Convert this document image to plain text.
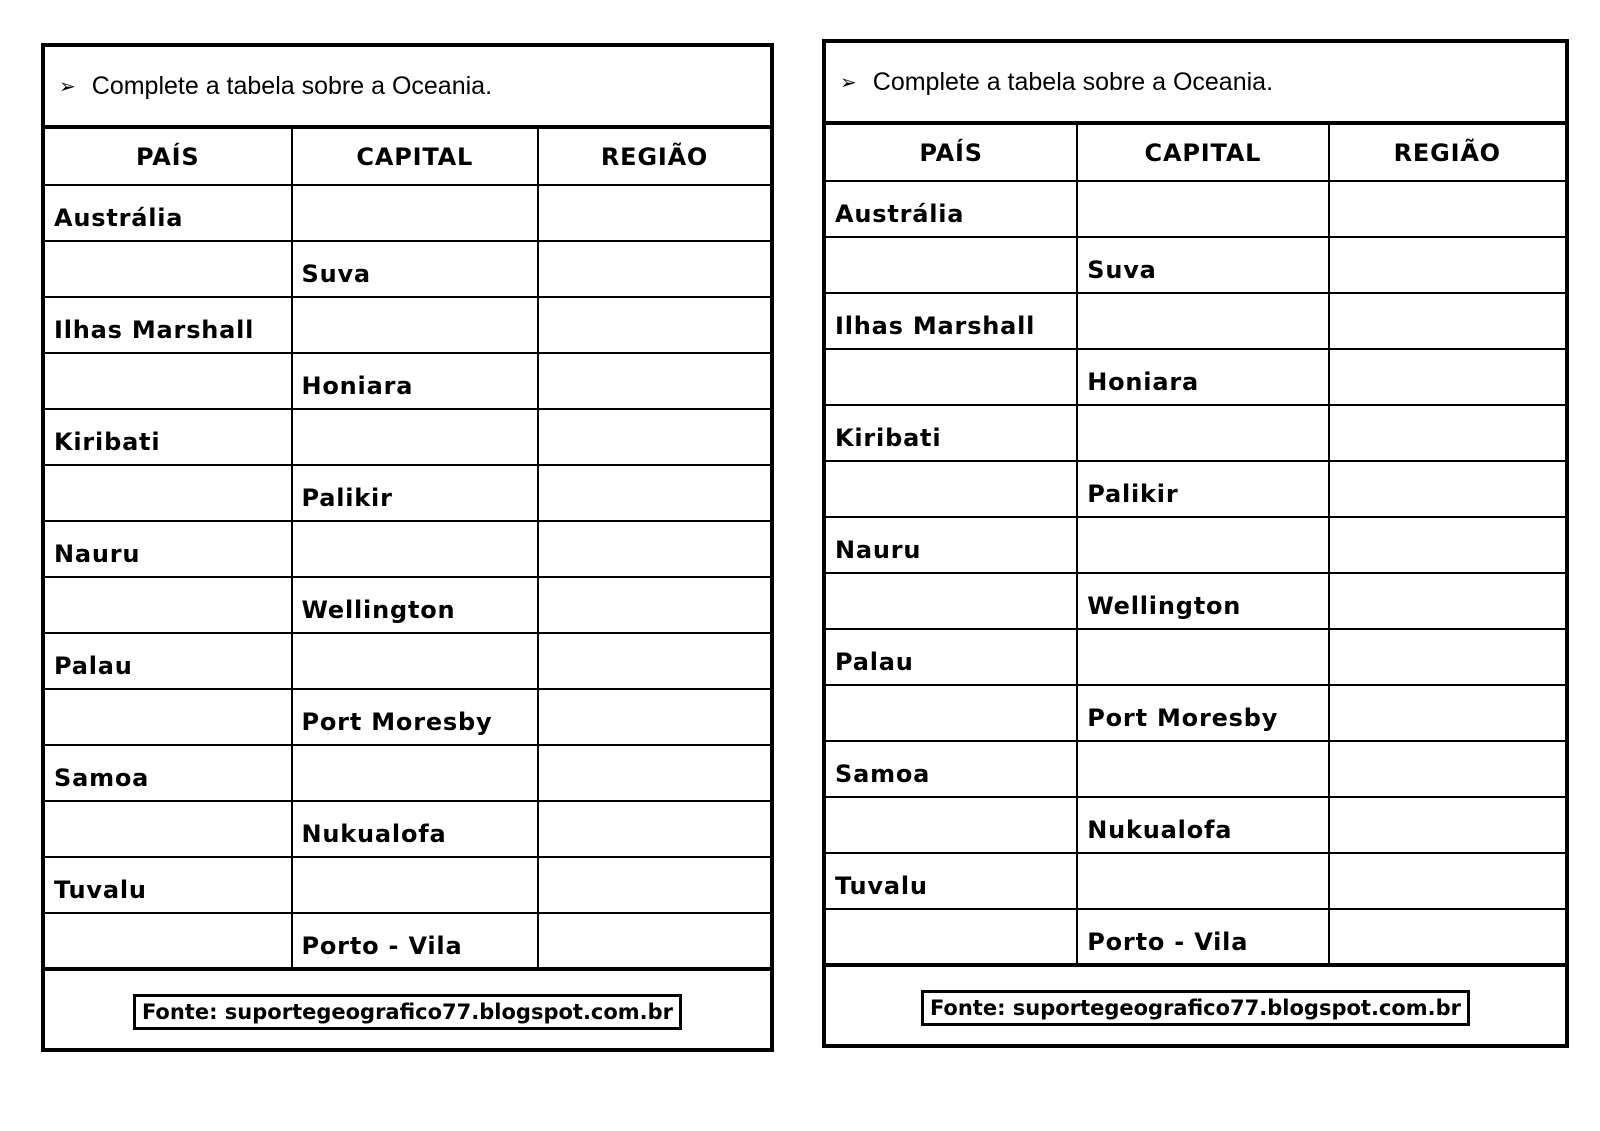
➢ Complete a tabela sobre a Oceania.
PAÍS	CAPITAL	REGIÃO
Austrália		
	Suva	
Ilhas Marshall		
	Honiara	
Kiribati		
	Palikir	
Nauru		
	Wellington	
Palau		
	Port Moresby	
Samoa		
	Nukualofa	
Tuvalu		
	Porto - Vila	
Fonte: suportegeografico77.blogspot.com.br
➢ Complete a tabela sobre a Oceania.
PAÍS	CAPITAL	REGIÃO
Austrália		
	Suva	
Ilhas Marshall		
	Honiara	
Kiribati		
	Palikir	
Nauru		
	Wellington	
Palau		
	Port Moresby	
Samoa		
	Nukualofa	
Tuvalu		
	Porto - Vila	
Fonte: suportegeografico77.blogspot.com.br
